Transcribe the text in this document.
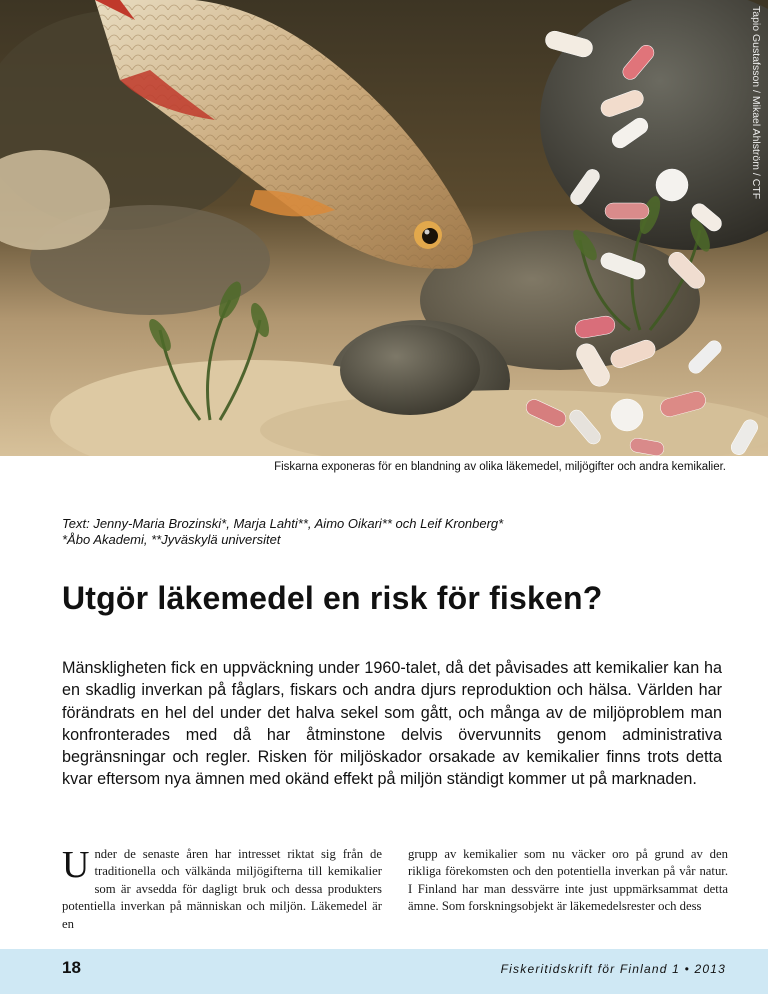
Tapio Gustafsson / Mikael Ahlström / CTF
Fiskarna exponeras för en blandning av olika läkemedel, miljögifter och andra kemikalier.
Text: Jenny-Maria Brozinski*, Marja Lahti**, Aimo Oikari** och Leif Kronberg*
*Åbo Akademi, **Jyväskylä universitet
Utgör läkemedel en risk för fisken?

Mänskligheten fick en uppväckning under 1960-talet, då det påvisades att kemikalier kan ha en skadlig inverkan på fåglars, fiskars och andra djurs reproduktion och hälsa. Världen har förändrats en hel del under det halva sekel som gått, och många av de miljöproblem man konfronterades med då har åtminstone delvis övervunnits genom administrativa begränsningar och regler. Risken för miljöskador orsakade av kemikalier finns trots detta kvar eftersom nya ämnen med okänd effekt på miljön ständigt kommer ut på marknaden.

Under de senaste åren har intresset riktat sig från de traditionella och välkända miljögifterna till kemikalier som är avsedda för dagligt bruk och dessa produkters potentiella inverkan på människan och miljön. Läkemedel är en
grupp av kemikalier som nu väcker oro på grund av den rikliga förekomsten och den potentiella inverkan på vår natur. I Finland har man dessvärre inte just uppmärksammat detta ämne. Som forskningsobjekt är läkemedelsrester och dess
18	Fiskeritidskrift för Finland 1 • 2013
